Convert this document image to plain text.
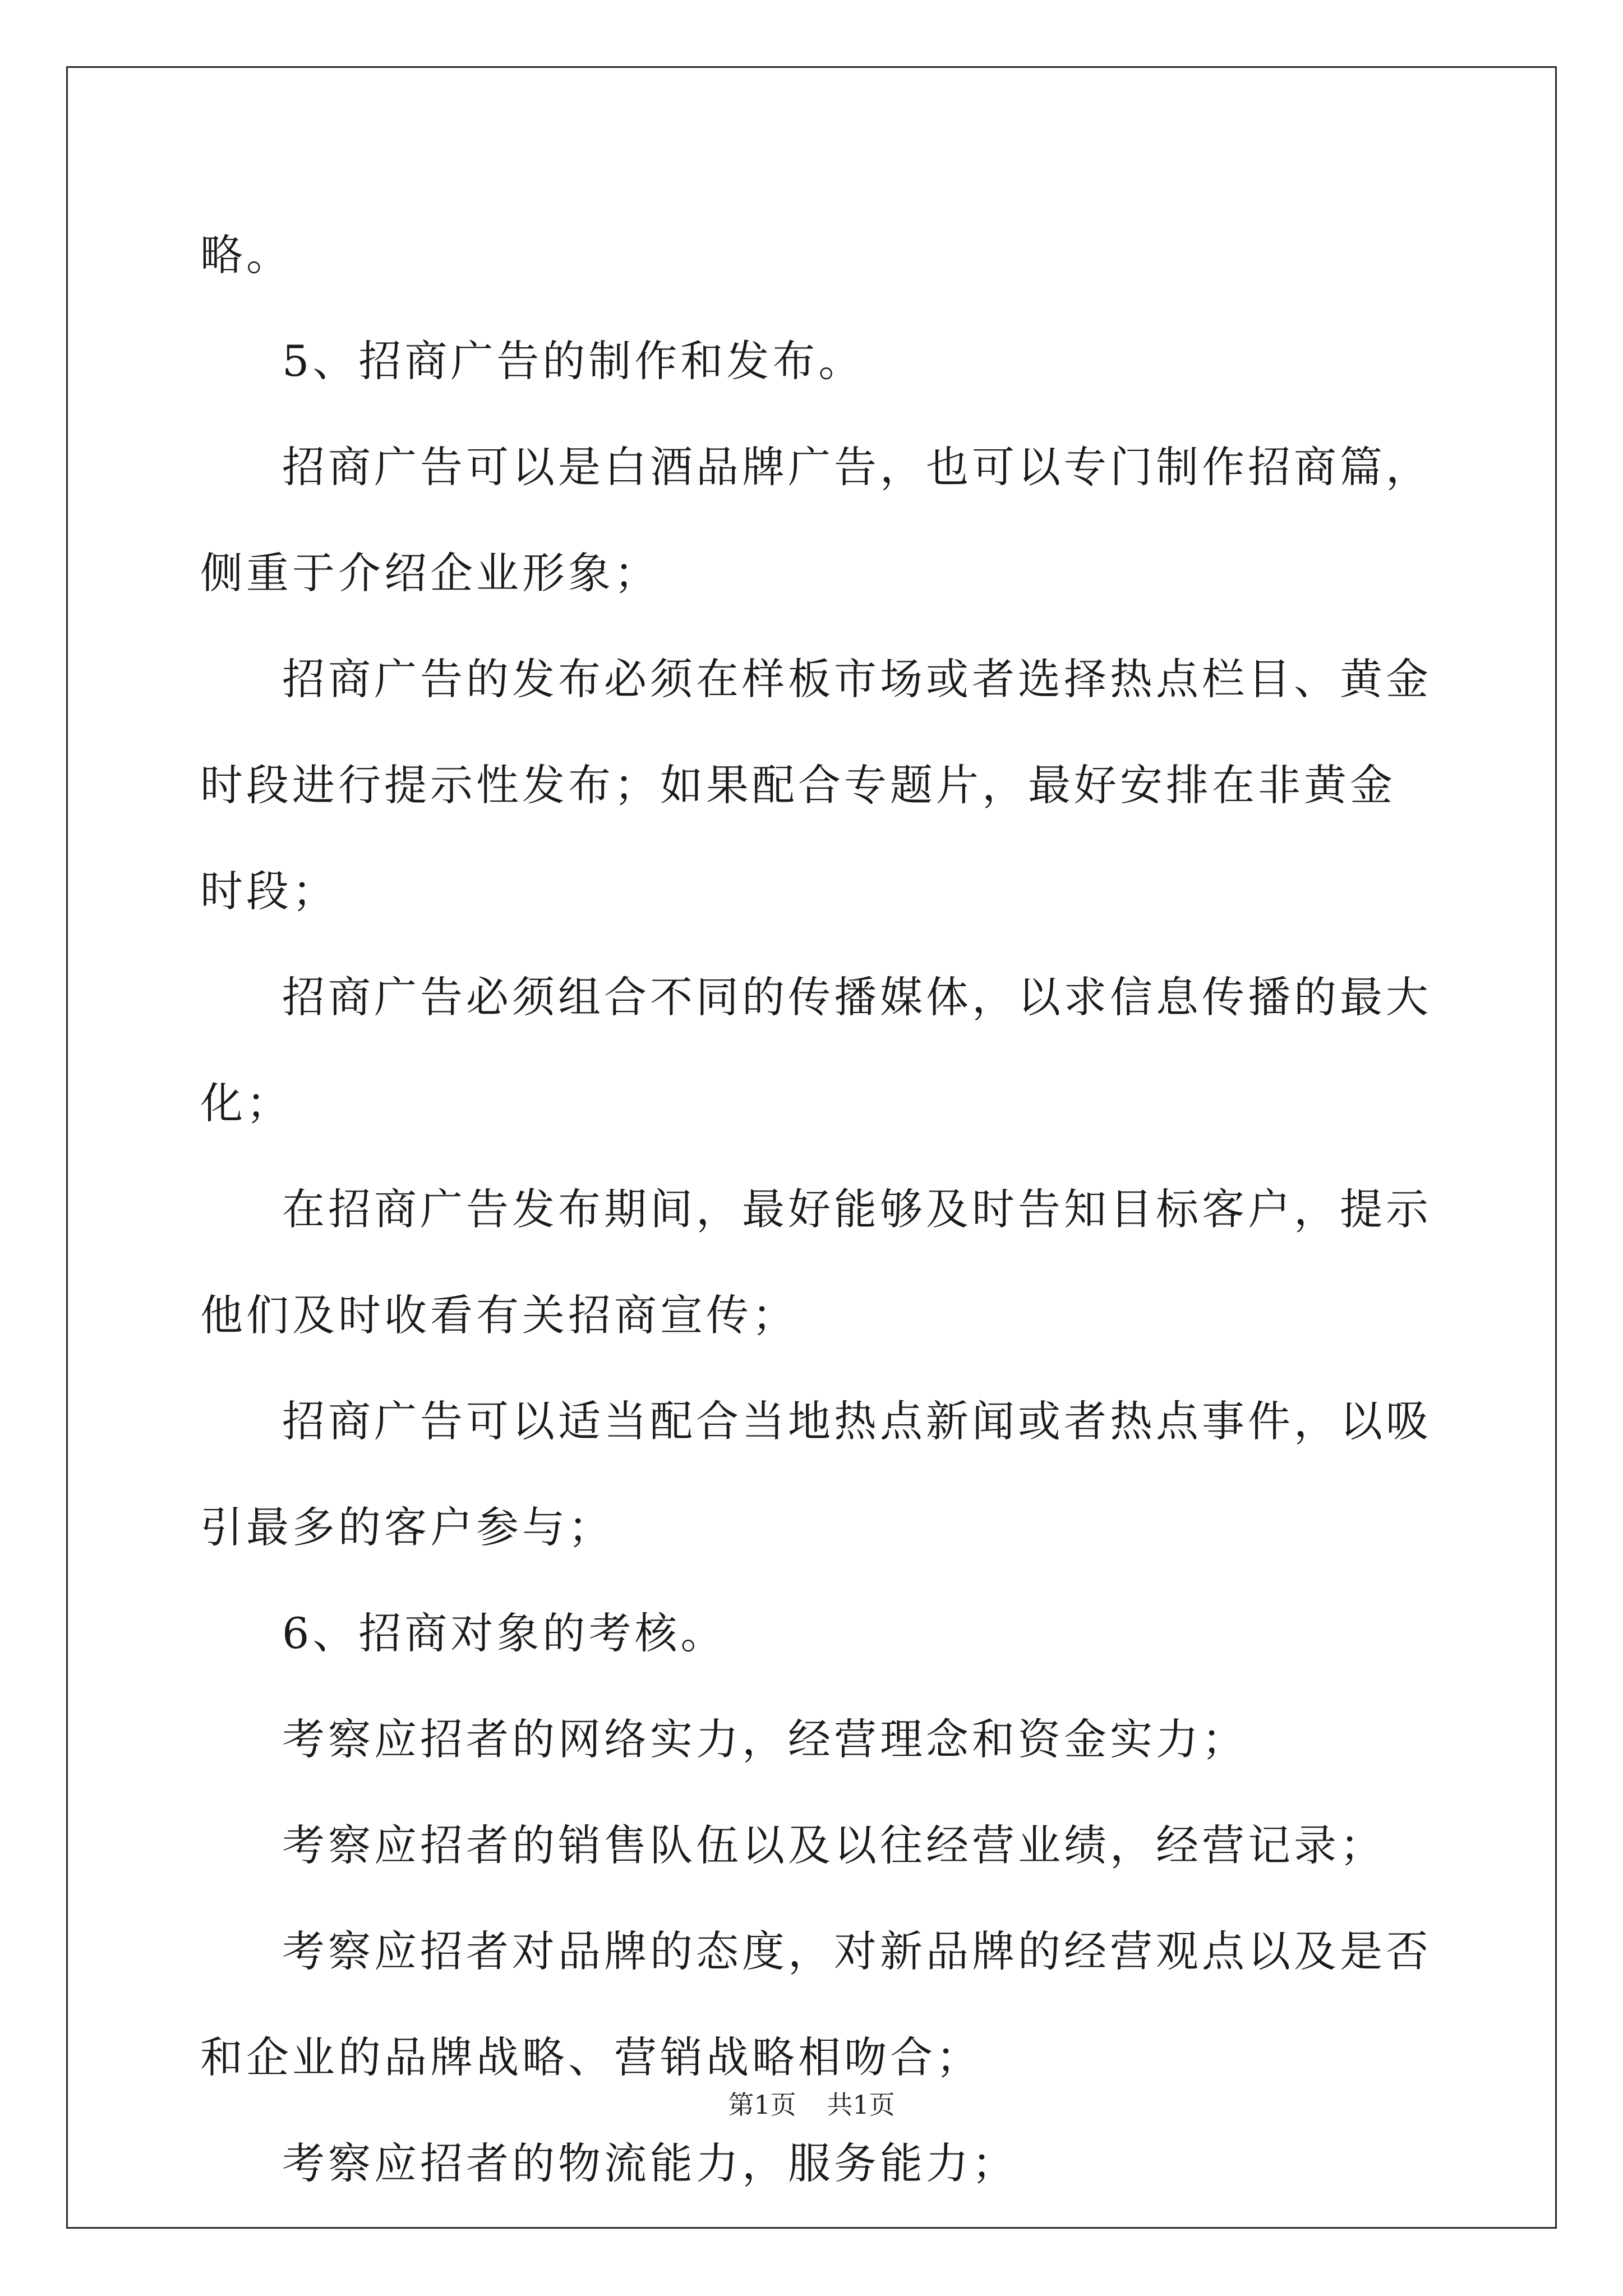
略。

5、招商广告的制作和发布。

招商广告可以是白酒品牌广告，也可以专门制作招商篇，侧重于介绍企业形象；

招商广告的发布必须在样板市场或者选择热点栏目、黄金时段进行提示性发布；如果配合专题片，最好安排在非黄金时段；

招商广告必须组合不同的传播媒体，以求信息传播的最大化；

在招商广告发布期间，最好能够及时告知目标客户，提示他们及时收看有关招商宣传；

招商广告可以适当配合当地热点新闻或者热点事件，以吸引最多的客户参与；

6、招商对象的考核。

考察应招者的网络实力，经营理念和资金实力；

考察应招者的销售队伍以及以往经营业绩，经营记录；

考察应招者对品牌的态度，对新品牌的经营观点以及是否和企业的品牌战略、营销战略相吻合；

考察应招者的物流能力，服务能力；

第1页 共1页
